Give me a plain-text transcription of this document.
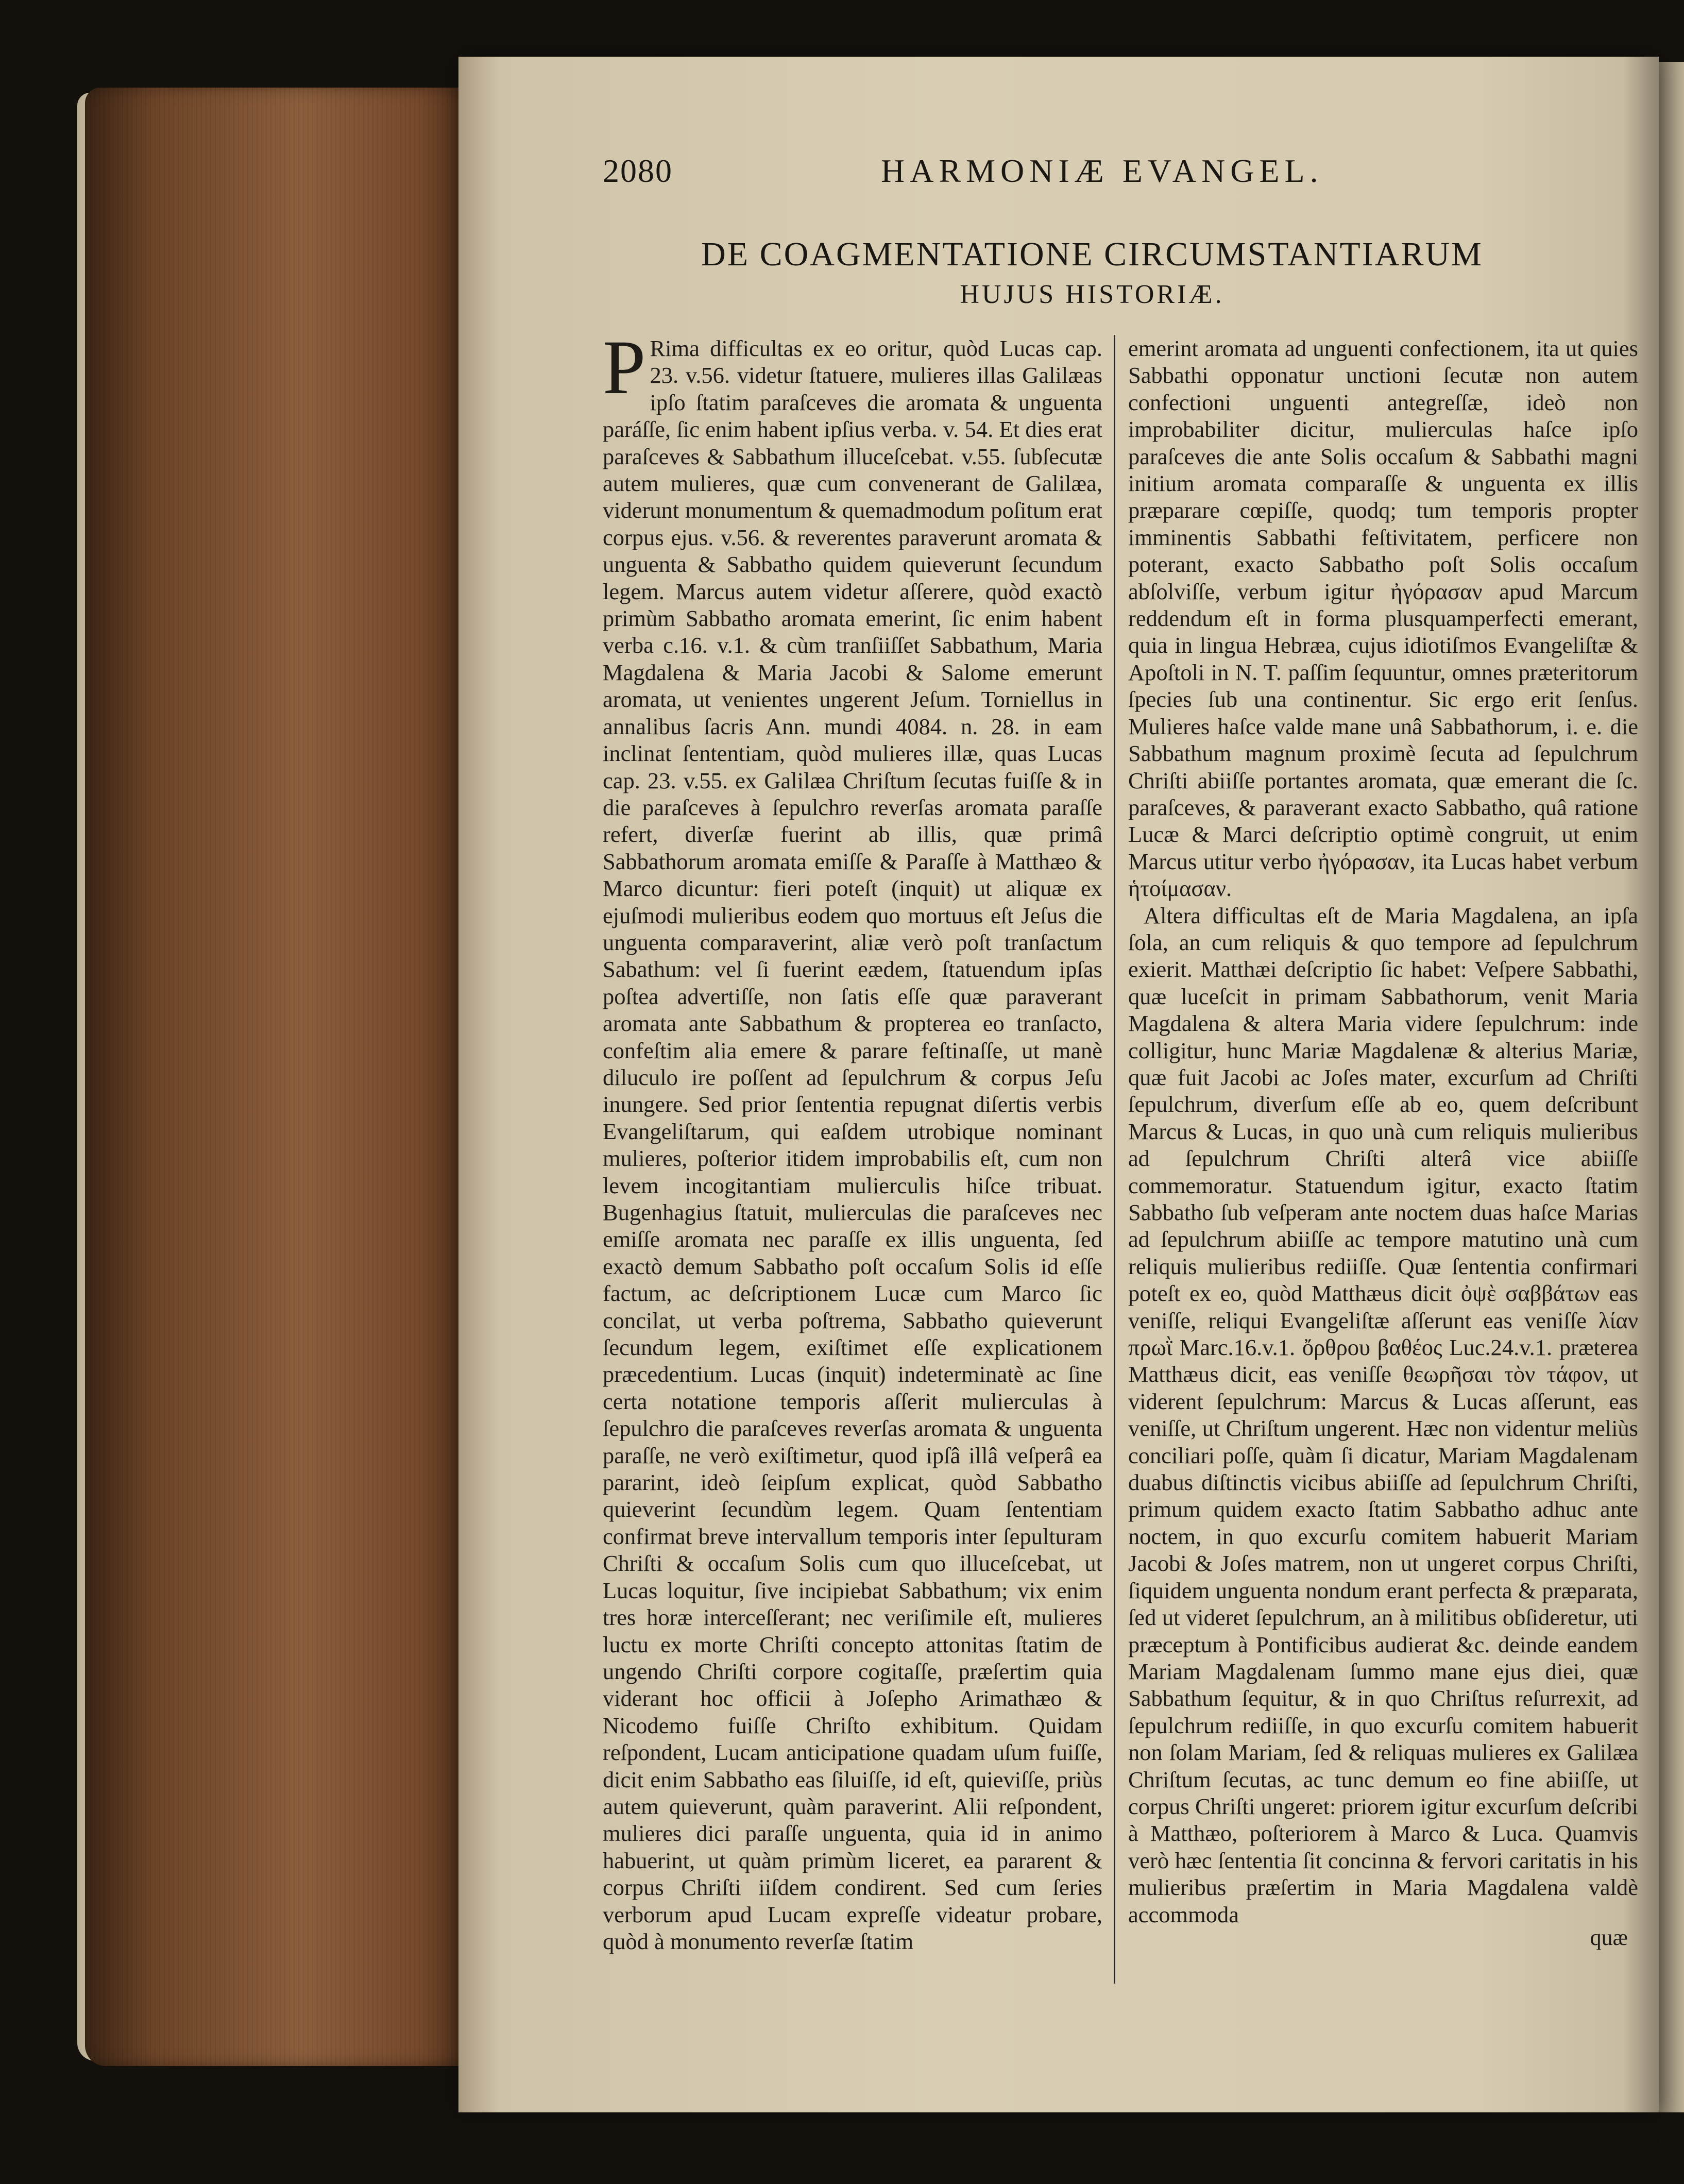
2080	HARMONIÆ EVANGEL.
DE COAGMENTATIONE CIRCUMSTANTIARUM
HUJUS HISTORIÆ.

PRima difficultas ex eo oritur, quòd Lucas cap. 23. v.56. videtur ſtatuere, mulieres illas Galilæas ipſo ſtatim paraſceves die aromata & unguenta paráſſe, ſic enim habent ipſius verba. v. 54. Et dies erat paraſceves & Sabbathum illuceſcebat. v.55. ſubſecutæ autem mulieres, quæ cum convenerant de Galilæa, viderunt monumentum & quemadmodum poſitum erat corpus ejus. v.56. & reverentes paraverunt aromata & unguenta & Sabbatho quidem quieverunt ſecundum legem. Marcus autem videtur aſſerere, quòd exactò primùm Sabbatho aromata emerint, ſic enim habent verba c.16. v.1. & cùm tranſiiſſet Sabbathum, Maria Magdalena & Maria Jacobi & Salome emerunt aromata, ut venientes ungerent Jeſum. Torniellus in annalibus ſacris Ann. mundi 4084. n. 28. in eam inclinat ſententiam, quòd mulieres illæ, quas Lucas cap. 23. v.55. ex Galilæa Chriſtum ſecutas fuiſſe & in die paraſceves à ſepulchro reverſas aromata paraſſe refert, diverſæ fuerint ab illis, quæ primâ Sabbathorum aromata emiſſe & Paraſſe à Matthæo & Marco dicuntur: fieri poteſt (inquit) ut aliquæ ex ejuſmodi mulieribus eodem quo mortuus eſt Jeſus die unguenta comparaverint, aliæ verò poſt tranſactum Sabathum: vel ſi fuerint eædem, ſtatuendum ipſas poſtea advertiſſe, non ſatis eſſe quæ paraverant aromata ante Sabbathum & propterea eo tranſacto, confeſtim alia emere & parare feſtinaſſe, ut manè diluculo ire poſſent ad ſepulchrum & corpus Jeſu inungere. Sed prior ſententia repugnat diſertis verbis Evangeliſtarum, qui eaſdem utrobique nominant mulieres, poſterior itidem improbabilis eſt, cum non levem incogitantiam mulierculis hiſce tribuat. Bugenhagius ſtatuit, mulierculas die paraſceves nec emiſſe aromata nec paraſſe ex illis unguenta, ſed exactò demum Sabbatho poſt occaſum Solis id eſſe factum, ac deſcriptionem Lucæ cum Marco ſic concilat, ut verba poſtrema, Sabbatho quieverunt ſecundum legem, exiſtimet eſſe explicationem præcedentium. Lucas (inquit) indeterminatè ac ſine certa notatione temporis aſſerit mulierculas à ſepulchro die paraſceves reverſas aromata & unguenta paraſſe, ne verò exiſtimetur, quod ipſâ illâ veſperâ ea pararint, ideò ſeipſum explicat, quòd Sabbatho quieverint ſecundùm legem. Quam ſententiam confirmat breve intervallum temporis inter ſepulturam Chriſti & occaſum Solis cum quo illuceſcebat, ut Lucas loquitur, ſive incipiebat Sabbathum; vix enim tres horæ interceſſerant; nec veriſimile eſt, mulieres luctu ex morte Chriſti concepto attonitas ſtatim de ungendo Chriſti corpore cogitaſſe, præſertim quia viderant hoc officii à Joſepho Arimathæo & Nicodemo fuiſſe Chriſto exhibitum. Quidam reſpondent, Lucam anticipatione quadam uſum fuiſſe, dicit enim Sabbatho eas ſiluiſſe, id eſt, quieviſſe, priùs autem quieverunt, quàm paraverint. Alii reſpondent, mulieres dici paraſſe unguenta, quia id in animo habuerint, ut quàm primùm liceret, ea pararent & corpus Chriſti iiſdem condirent. Sed cum ſeries verborum apud Lucam expreſſe videatur probare, quòd à monumento reverſæ ſtatim

emerint aromata ad unguenti confectionem, ita ut quies Sabbathi opponatur unctioni ſecutæ non autem confectioni unguenti antegreſſæ, ideò non improbabiliter dicitur, mulierculas haſce ipſo paraſceves die ante Solis occaſum & Sabbathi magni initium aromata comparaſſe & unguenta ex illis præparare cœpiſſe, quodq; tum temporis propter imminentis Sabbathi feſtivitatem, perficere non poterant, exacto Sabbatho poſt Solis occaſum abſolviſſe, verbum igitur ἠγόρασαν apud Marcum reddendum eſt in forma plusquamperfecti emerant, quia in lingua Hebræa, cujus idiotiſmos Evangeliſtæ & Apoſtoli in N. T. paſſim ſequuntur, omnes præteritorum ſpecies ſub una continentur. Sic ergo erit ſenſus. Mulieres haſce valde mane unâ Sabbathorum, i. e. die Sabbathum magnum proximè ſecuta ad ſepulchrum Chriſti abiiſſe portantes aromata, quæ emerant die ſc. paraſceves, & paraverant exacto Sabbatho, quâ ratione Lucæ & Marci deſcriptio optimè congruit, ut enim Marcus utitur verbo ἠγόρασαν, ita Lucas habet verbum ἡτοίμασαν.

Altera difficultas eſt de Maria Magdalena, an ipſa ſola, an cum reliquis & quo tempore ad ſepulchrum exierit. Matthæi deſcriptio ſic habet: Veſpere Sabbathi, quæ luceſcit in primam Sabbathorum, venit Maria Magdalena & altera Maria videre ſepulchrum: inde colligitur, hunc Mariæ Magdalenæ & alterius Mariæ, quæ fuit Jacobi ac Joſes mater, excurſum ad Chriſti ſepulchrum, diverſum eſſe ab eo, quem deſcribunt Marcus & Lucas, in quo unà cum reliquis mulieribus ad ſepulchrum Chriſti alterâ vice abiiſſe commemoratur. Statuendum igitur, exacto ſtatim Sabbatho ſub veſperam ante noctem duas haſce Marias ad ſepulchrum abiiſſe ac tempore matutino unà cum reliquis mulieribus rediiſſe. Quæ ſententia confirmari poteſt ex eo, quòd Matthæus dicit ὀψὲ σαββάτων eas veniſſe, reliqui Evangeliſtæ aſſerunt eas veniſſe λίαν πρωῒ Marc.16.v.1. ὄρθρου βαθέος Luc.24.v.1. præterea Matthæus dicit, eas veniſſe θεωρῆσαι τὸν τάφον, ut viderent ſepulchrum: Marcus & Lucas aſſerunt, eas veniſſe, ut Chriſtum ungerent. Hæc non videntur meliùs conciliari poſſe, quàm ſi dicatur, Mariam Magdalenam duabus diſtinctis vicibus abiiſſe ad ſepulchrum Chriſti, primum quidem exacto ſtatim Sabbatho adhuc ante noctem, in quo excurſu comitem habuerit Mariam Jacobi & Joſes matrem, non ut ungeret corpus Chriſti, ſiquidem unguenta nondum erant perfecta & præparata, ſed ut videret ſepulchrum, an à militibus obſideretur, uti præceptum à Pontificibus audierat &c. deinde eandem Mariam Magdalenam ſummo mane ejus diei, quæ Sabbathum ſequitur, & in quo Chriſtus reſurrexit, ad ſepulchrum rediiſſe, in quo excurſu comitem habuerit non ſolam Mariam, ſed & reliquas mulieres ex Galilæa Chriſtum ſecutas, ac tunc demum eo fine abiiſſe, ut corpus Chriſti ungeret: priorem igitur excurſum deſcribi à Matthæo, poſteriorem à Marco & Luca. Quamvis verò hæc ſententia ſit concinna & fervori caritatis in his mulieribus præſertim in Maria Magdalena valdè accommoda

quæ
